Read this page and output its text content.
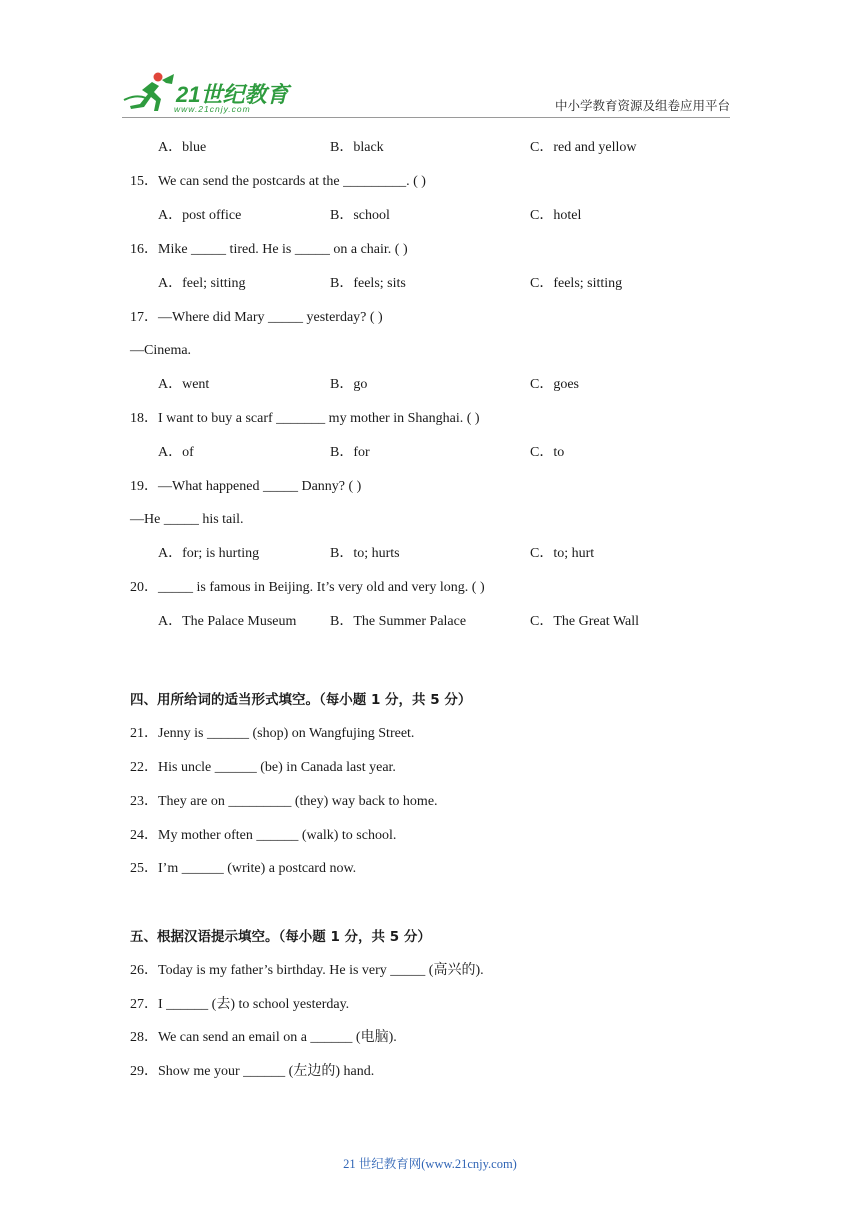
21世纪教育
www.21cnjy.com	中小学教育资源及组卷应用平台
A．blue	B．black	C．red and yellow
15．We can send the postcards at the _________. ( )
A．post office	B．school	C．hotel
16．Mike _____ tired. He is _____ on a chair. ( )
A．feel; sitting	B．feels; sits	C．feels; sitting
17．—Where did Mary _____ yesterday? ( )
—Cinema.
A．went	B．go	C．goes
18．I want to buy a scarf _______ my mother in Shanghai. ( )
A．of	B．for	C．to
19．—What happened _____ Danny? ( )
—He _____ his tail.
A．for; is hurting	B．to; hurts	C．to; hurt
20．_____ is famous in Beijing. It’s very old and very long. ( )
A．The Palace Museum B．The Summer Palace	C．The Great Wall
四、用所给词的适当形式填空。（每小题 1 分，共 5 分）
21．Jenny is ______ (shop) on Wangfujing Street.
22．His uncle ______ (be) in Canada last year.
23．They are on _________ (they) way back to home.
24．My mother often ______ (walk) to school.
25．I’m ______ (write) a postcard now.
五、根据汉语提示填空。（每小题 1 分，共 5 分）
26．Today is my father’s birthday. He is very _____ (高兴的).
27．I ______ (去) to school yesterday.
28．We can send an email on a ______ (电脑).
29．Show me your ______ (左边的) hand.
21 世纪教育网(www.21cnjy.com)
